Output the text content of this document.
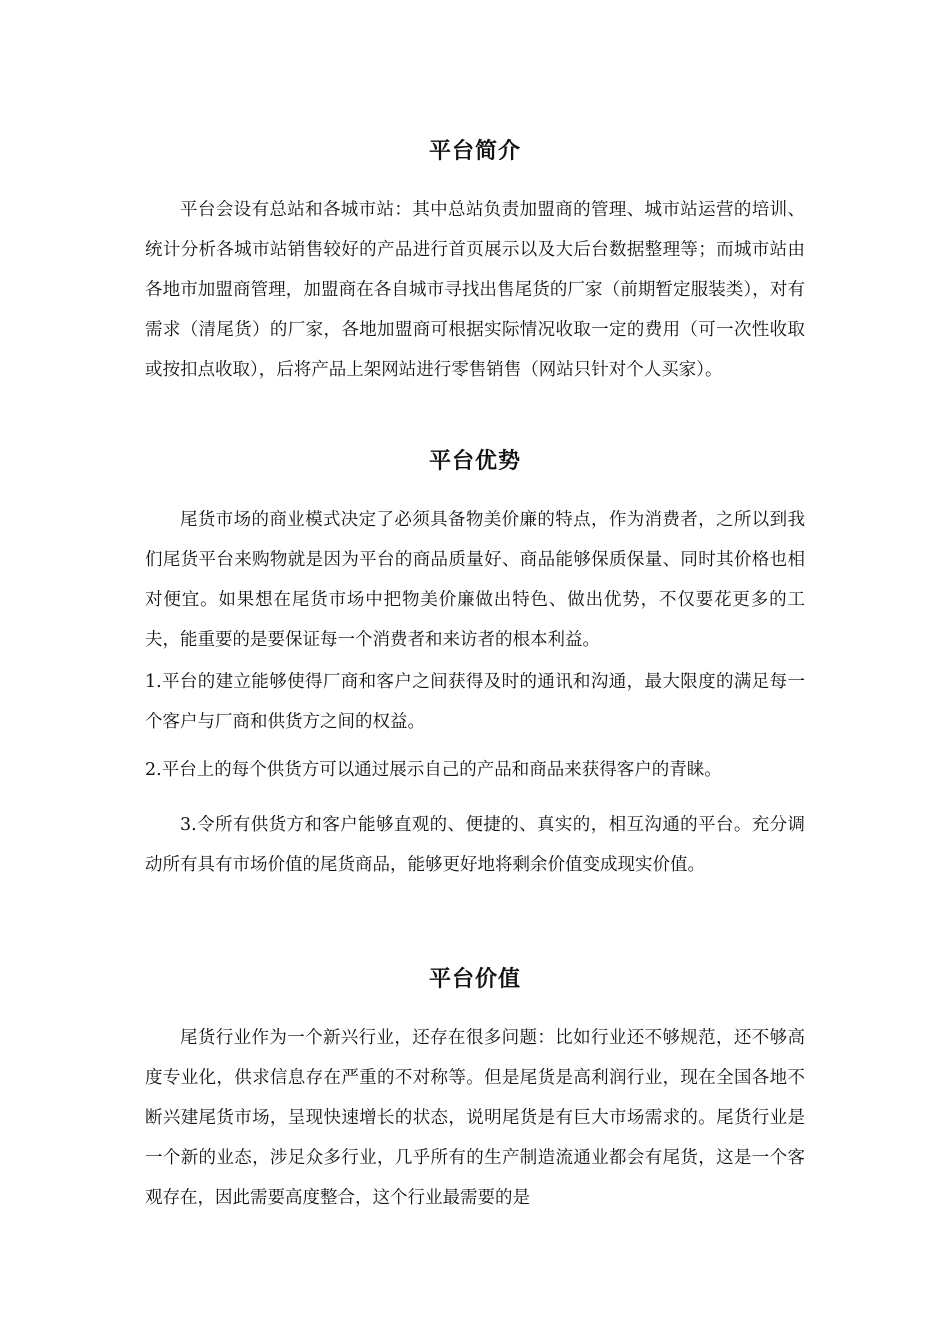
平台简介

平台会设有总站和各城市站：其中总站负责加盟商的管理、城市站运营的培训、统计分析各城市站销售较好的产品进行首页展示以及大后台数据整理等；而城市站由各地市加盟商管理，加盟商在各自城市寻找出售尾货的厂家（前期暂定服装类），对有需求（清尾货）的厂家，各地加盟商可根据实际情况收取一定的费用（可一次性收取或按扣点收取），后将产品上架网站进行零售销售（网站只针对个人买家）。

平台优势

尾货市场的商业模式决定了必须具备物美价廉的特点，作为消费者，之所以到我们尾货平台来购物就是因为平台的商品质量好、商品能够保质保量、同时其价格也相对便宜。如果想在尾货市场中把物美价廉做出特色、做出优势，不仅要花更多的工夫，能重要的是要保证每一个消费者和来访者的根本利益。

1.平台的建立能够使得厂商和客户之间获得及时的通讯和沟通，最大限度的满足每一个客户与厂商和供货方之间的权益。

2.平台上的每个供货方可以通过展示自己的产品和商品来获得客户的青睐。

3.令所有供货方和客户能够直观的、便捷的、真实的，相互沟通的平台。充分调动所有具有市场价值的尾货商品，能够更好地将剩余价值变成现实价值。

平台价值

尾货行业作为一个新兴行业，还存在很多问题：比如行业还不够规范，还不够高度专业化，供求信息存在严重的不对称等。但是尾货是高利润行业，现在全国各地不断兴建尾货市场，呈现快速增长的状态，说明尾货是有巨大市场需求的。尾货行业是一个新的业态，涉足众多行业，几乎所有的生产制造流通业都会有尾货，这是一个客观存在，因此需要高度整合，这个行业最需要的是
